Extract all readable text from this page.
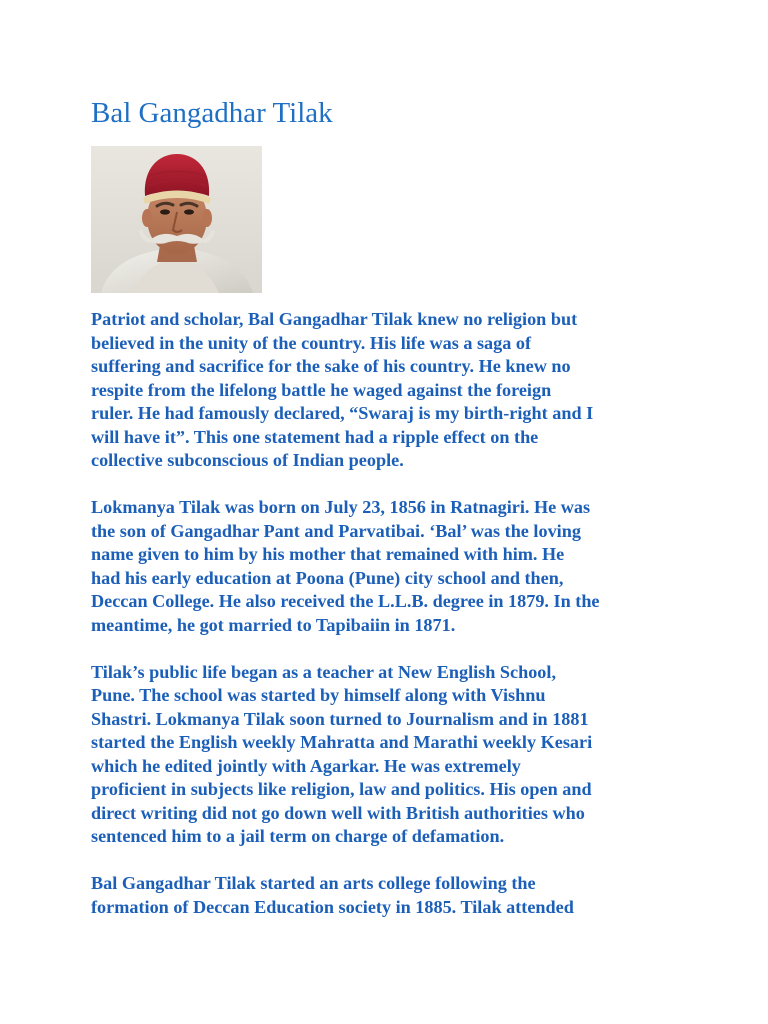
Bal Gangadhar Tilak

Patriot and scholar, Bal Gangadhar Tilak knew no religion but
believed in the unity of the country. His life was a saga of
suffering and sacrifice for the sake of his country. He knew no
respite from the lifelong battle he waged against the foreign
ruler. He had famously declared, “Swaraj is my birth-right and I
will have it”. This one statement had a ripple effect on the
collective subconscious of Indian people.

Lokmanya Tilak was born on July 23, 1856 in Ratnagiri. He was
the son of Gangadhar Pant and Parvatibai. ‘Bal’ was the loving
name given to him by his mother that remained with him. He
had his early education at Poona (Pune) city school and then,
Deccan College. He also received the L.L.B. degree in 1879. In the
meantime, he got married to Tapibaiin in 1871.

Tilak’s public life began as a teacher at New English School,
Pune. The school was started by himself along with Vishnu
Shastri. Lokmanya Tilak soon turned to Journalism and in 1881
started the English weekly Mahratta and Marathi weekly Kesari
which he edited jointly with Agarkar. He was extremely
proficient in subjects like religion, law and politics. His open and
direct writing did not go down well with British authorities who
sentenced him to a jail term on charge of defamation.

Bal Gangadhar Tilak started an arts college following the
formation of Deccan Education society in 1885. Tilak attended
